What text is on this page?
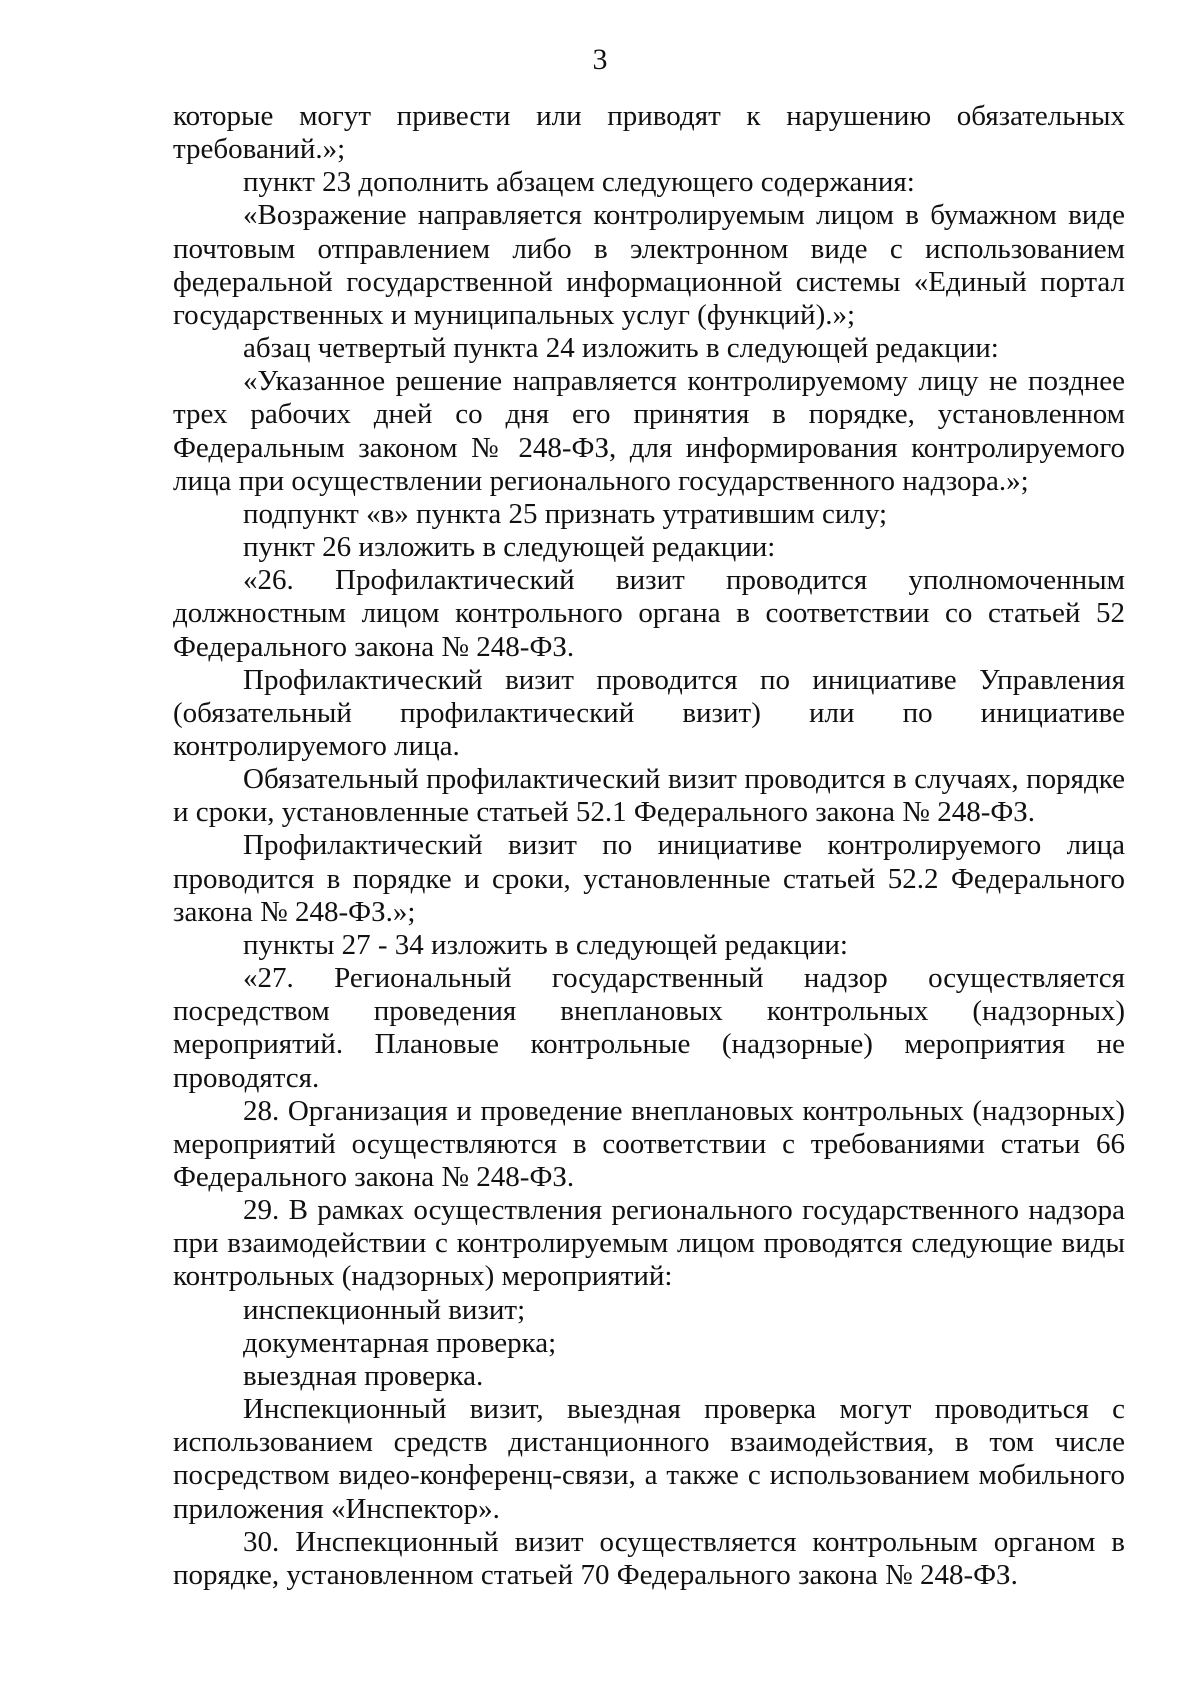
3

которые могут привести или приводят к нарушению обязательных требований.»;

пункт 23 дополнить абзацем следующего содержания:

«Возражение направляется контролируемым лицом в бумажном виде почтовым отправлением либо в электронном виде с использованием федеральной государственной информационной системы «Единый портал государственных и муниципальных услуг (функций).»;

абзац четвертый пункта 24 изложить в следующей редакции:

«Указанное решение направляется контролируемому лицу не позднее трех рабочих дней со дня его принятия в порядке, установленном Федеральным законом № 248-ФЗ, для информирования контролируемого лица при осуществлении регионального государственного надзора.»;

подпункт «в» пункта 25 признать утратившим силу;

пункт 26 изложить в следующей редакции:

«26. Профилактический визит проводится уполномоченным должностным лицом контрольного органа в соответствии со статьей 52 Федерального закона № 248-ФЗ.

Профилактический визит проводится по инициативе Управления (обязательный профилактический визит) или по инициативе контролируемого лица.

Обязательный профилактический визит проводится в случаях, порядке и сроки, установленные статьей 52.1 Федерального закона № 248-ФЗ.

Профилактический визит по инициативе контролируемого лица проводится в порядке и сроки, установленные статьей 52.2 Федерального закона № 248-ФЗ.»;

пункты 27 - 34 изложить в следующей редакции:

«27. Региональный государственный надзор осуществляется посредством проведения внеплановых контрольных (надзорных) мероприятий. Плановые контрольные (надзорные) мероприятия не проводятся.

28. Организация и проведение внеплановых контрольных (надзорных) мероприятий осуществляются в соответствии с требованиями статьи 66 Федерального закона № 248-ФЗ.

29. В рамках осуществления регионального государственного надзора при взаимодействии с контролируемым лицом проводятся следующие виды контрольных (надзорных) мероприятий:

инспекционный визит;

документарная проверка;

выездная проверка.

Инспекционный визит, выездная проверка могут проводиться с использованием средств дистанционного взаимодействия, в том числе посредством видео-конференц-связи, а также с использованием мобильного приложения «Инспектор».

30. Инспекционный визит осуществляется контрольным органом в порядке, установленном статьей 70 Федерального закона № 248-ФЗ.
